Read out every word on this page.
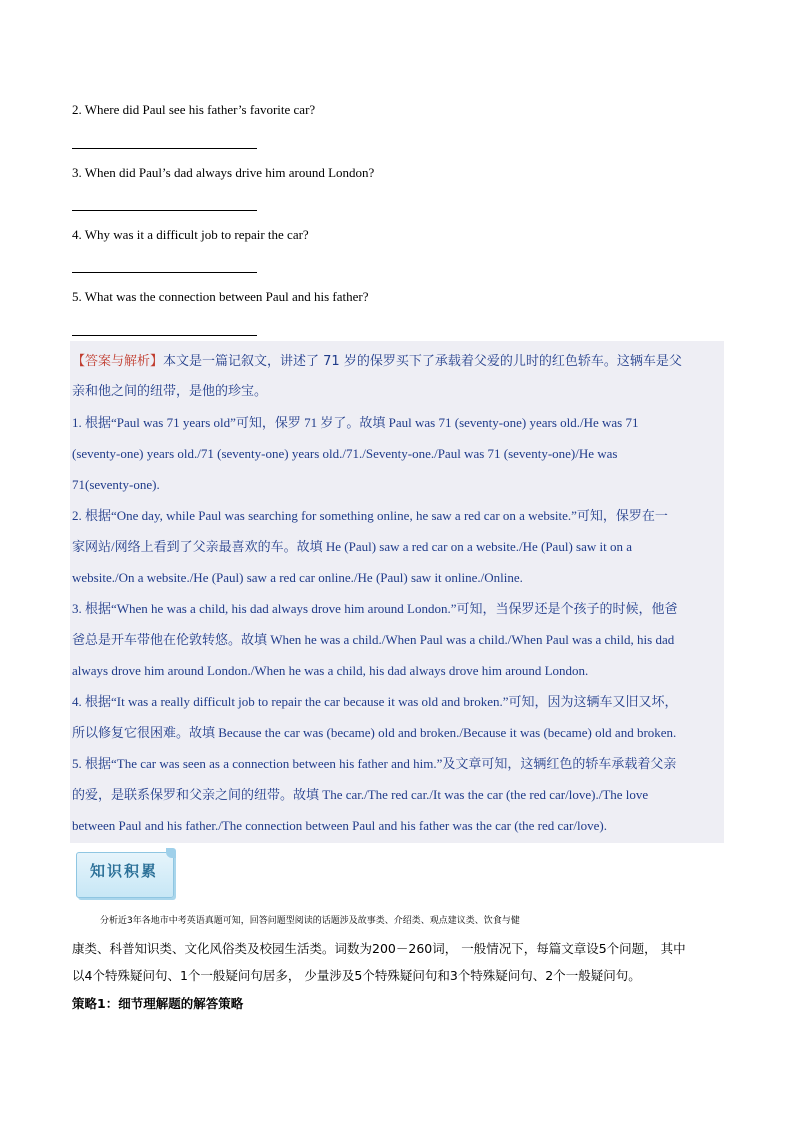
2. Where did Paul see his father’s favorite car?
3. When did Paul’s dad always drive him around London?
4. Why was it a difficult job to repair the car?
5. What was the connection between Paul and his father?
【答案与解析】本文是一篇记叙文，讲述了 71 岁的保罗买下了承载着父爱的儿时的红色轿车。这辆车是父
亲和他之间的纽带，是他的珍宝。
1. 根据“Paul was 71 years old”可知，保罗 71 岁了。故填 Paul was 71 (seventy-one) years old./He was 71
(seventy-one) years old./71 (seventy-one) years old./71./Seventy-one./Paul was 71 (seventy-one)/He was
71(seventy-one).
2. 根据“One day, while Paul was searching for something online, he saw a red car on a website.”可知，保罗在一
家网站/网络上看到了父亲最喜欢的车。故填 He (Paul) saw a red car on a website./He (Paul) saw it on a
website./On a website./He (Paul) saw a red car online./He (Paul) saw it online./Online.
3. 根据“When he was a child, his dad always drove him around London.”可知，当保罗还是个孩子的时候，他爸
爸总是开车带他在伦敦转悠。故填 When he was a child./When Paul was a child./When Paul was a child, his dad
always drove him around London./When he was a child, his dad always drove him around London.
4. 根据“It was a really difficult job to repair the car because it was old and broken.”可知，因为这辆车又旧又坏，
所以修复它很困难。故填 Because the car was (became) old and broken./Because it was (became) old and broken.
5. 根据“The car was seen as a connection between his father and him.”及文章可知，这辆红色的轿车承载着父亲
的爱，是联系保罗和父亲之间的纽带。故填 The car./The red car./It was the car (the red car/love)./The love
between Paul and his father./The connection between Paul and his father was the car (the red car/love).
知识积累
分析近3年各地市中考英语真题可知，回答问题型阅读的话题涉及故事类、介绍类、观点建议类、饮食与健
康类、科普知识类、文化风俗类及校园生活类。词数为200－260词， 一般情况下，每篇文章设5个问题， 其中
以4个特殊疑问句、1个一般疑问句居多， 少量涉及5个特殊疑问句和3个特殊疑问句、2个一般疑问句。
策略1：细节理解题的解答策略
